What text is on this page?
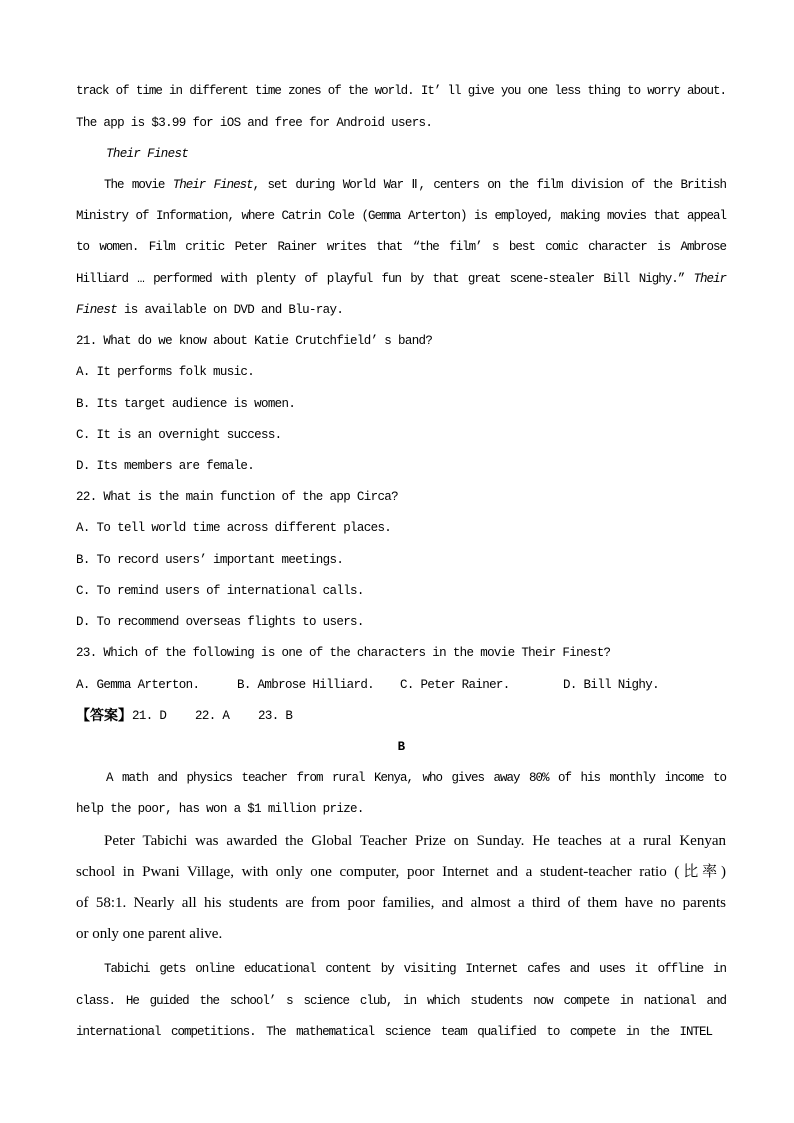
track of time in different time zones of the world. It’ ll give you one less thing to worry about.
The app is $3.99 for iOS and free for Android users.
Their Finest
The movie Their Finest, set during World War Ⅱ, centers on the film division of the British
Ministry of Information, where Catrin Cole (Gemma Arterton) is employed, making movies that appeal
to women. Film critic Peter Rainer writes that “the film’ s best comic character is Ambrose
Hilliard … performed with plenty of playful fun by that great scene-stealer Bill Nighy.” Their
Finest is available on DVD and Blu-ray.
21. What do we know about Katie Crutchfield’ s band?
A. It performs folk music.
B. Its target audience is women.
C. It is an overnight success.
D. Its members are female.
22. What is the main function of the app Circa?
A. To tell world time across different places.
B. To record users’ important meetings.
C. To remind users of international calls.
D. To recommend overseas flights to users.
23. Which of the following is one of the characters in the movie Their Finest?
A. Gemma Arterton.	B. Ambrose Hilliard. C. Peter Rainer.	D. Bill Nighy.
【答案】 21. D 22. A 23. B
B
A math and physics teacher from rural Kenya, who gives away 80% of his monthly income to
help the poor, has won a $1 million prize.
Peter Tabichi was awarded the Global Teacher Prize on Sunday. He teaches at a rural Kenyan
school in Pwani Village, with only one computer, poor Internet and a student-teacher ratio (比率)
of 58:1. Nearly all his students are from poor families, and almost a third of them have no parents
or only one parent alive.
Tabichi gets online educational content by visiting Internet cafes and uses it offline in
class. He guided the school’ s science club, in which students now compete in national and
international competitions. The mathematical science team qualified to compete in the INTEL
